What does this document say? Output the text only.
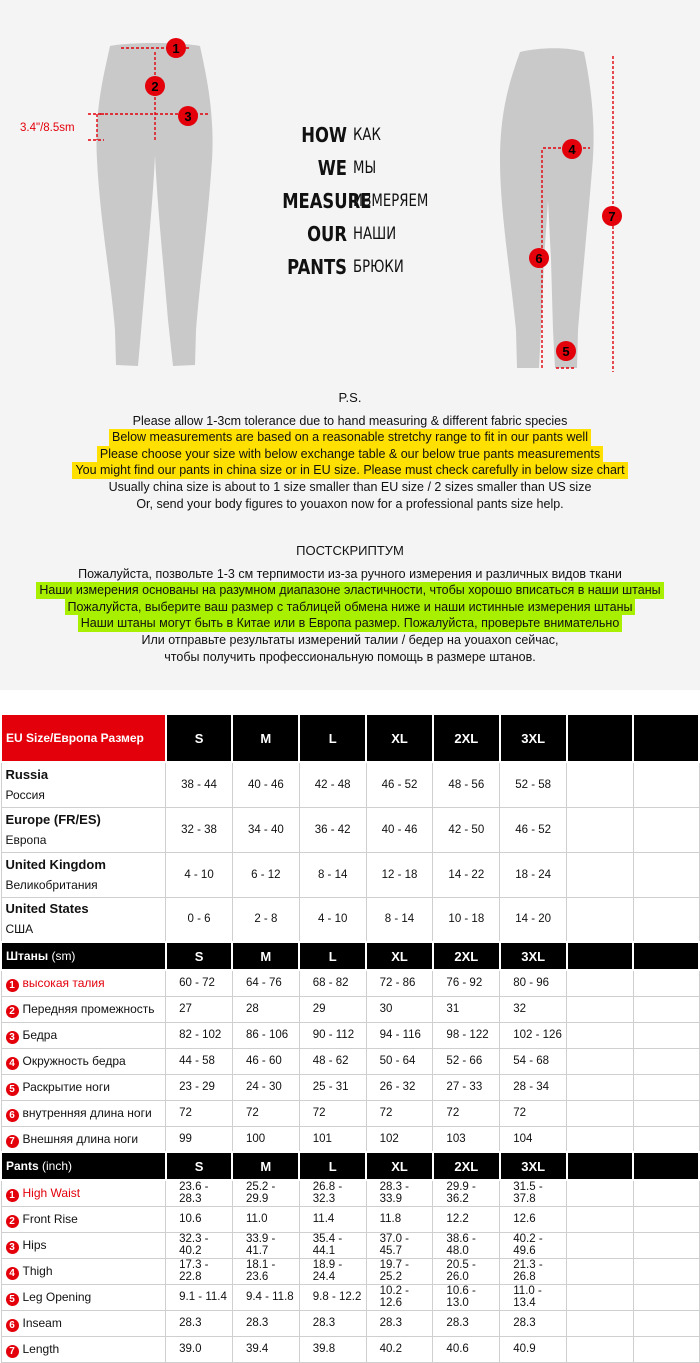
1
2
3
4
5
6
7
3.4"/8.5sm	HOW КАК
WE МЫ
MEASURE
ИЗМЕРЯЕМ
OUR НАШИ
PANTS БРЮКИ
P.S.
Please allow 1-3cm tolerance due to hand measuring & different fabric species
Below measurements are based on a reasonable stretchy range to fit in our pants well
Please choose your size with below exchange table & our below true pants measurements
You might find our pants in china size or in EU size. Please must check carefully in below size chart
Usually china size is about to 1 size smaller than EU size / 2 sizes smaller than US size
Or, send your body figures to youaxon now for a professional pants size help.
ПОСТСКРИПТУМ
Пожалуйста, позвольте 1-3 см терпимости из-за ручного измерения и различных видов ткани
Наши измерения основаны на разумном диапазоне эластичности, чтобы хорошо вписаться в наши штаны
Пожалуйста, выберите ваш размер с таблицей обмена ниже и наши истинные измерения штаны
Наши штаны могут быть в Китае или в Европа размер. Пожалуйста, проверьте внимательно
Или отправьте результаты измерений талии / бедер на youaxon сейчас,
чтобы получить профессиональную помощь в размере штанов.
EU Size/Европа Размер	S	M	L	XL	2XL	3XL		
Russia
Россия	38 - 44	40 - 46	42 - 48	46 - 52	48 - 56	52 - 58		
Europe (FR/ES)
Европа	32 - 38	34 - 40	36 - 42	40 - 46	42 - 50	46 - 52		
United Kingdom
Великобритания	4 - 10	6 - 12	8 - 14	12 - 18	14 - 22	18 - 24		
United States
США	0 - 6	2 - 8	4 - 10	8 - 14	10 - 18	14 - 20		
Штаны (sm)	S	M	L	XL	2XL	3XL		
1 высокая талия	60 - 72	64 - 76	68 - 82	72 - 86	76 - 92	80 - 96		
2 Передняя промежность	27	28	29	30	31	32		
3 Бедра	82 - 102	86 - 106	90 - 112	94 - 116	98 - 122	102 - 126		
4 Окружность бедра	44 - 58	46 - 60	48 - 62	50 - 64	52 - 66	54 - 68		
5 Раскрытие ноги	23 - 29	24 - 30	25 - 31	26 - 32	27 - 33	28 - 34		
6 внутренняя длина ноги	72	72	72	72	72	72		
7 Внешняя длина ноги	99	100	101	102	103	104		
Pants (inch)	S	M	L	XL	2XL	3XL		
1 High Waist	23.6 - 28.3	25.2 - 29.9	26.8 - 32.3	28.3 - 33.9	29.9 - 36.2	31.5 - 37.8		
2 Front Rise	10.6	11.0	11.4	11.8	12.2	12.6		
3 Hips	32.3 - 40.2	33.9 - 41.7	35.4 - 44.1	37.0 - 45.7	38.6 - 48.0	40.2 - 49.6		
4 Thigh	17.3 - 22.8	18.1 - 23.6	18.9 - 24.4	19.7 - 25.2	20.5 - 26.0	21.3 - 26.8		
5 Leg Opening	9.1 - 11.4	9.4 - 11.8	9.8 - 12.2	10.2 - 12.6	10.6 - 13.0	11.0 - 13.4		
6 Inseam	28.3	28.3	28.3	28.3	28.3	28.3		
7 Length	39.0	39.4	39.8	40.2	40.6	40.9		
